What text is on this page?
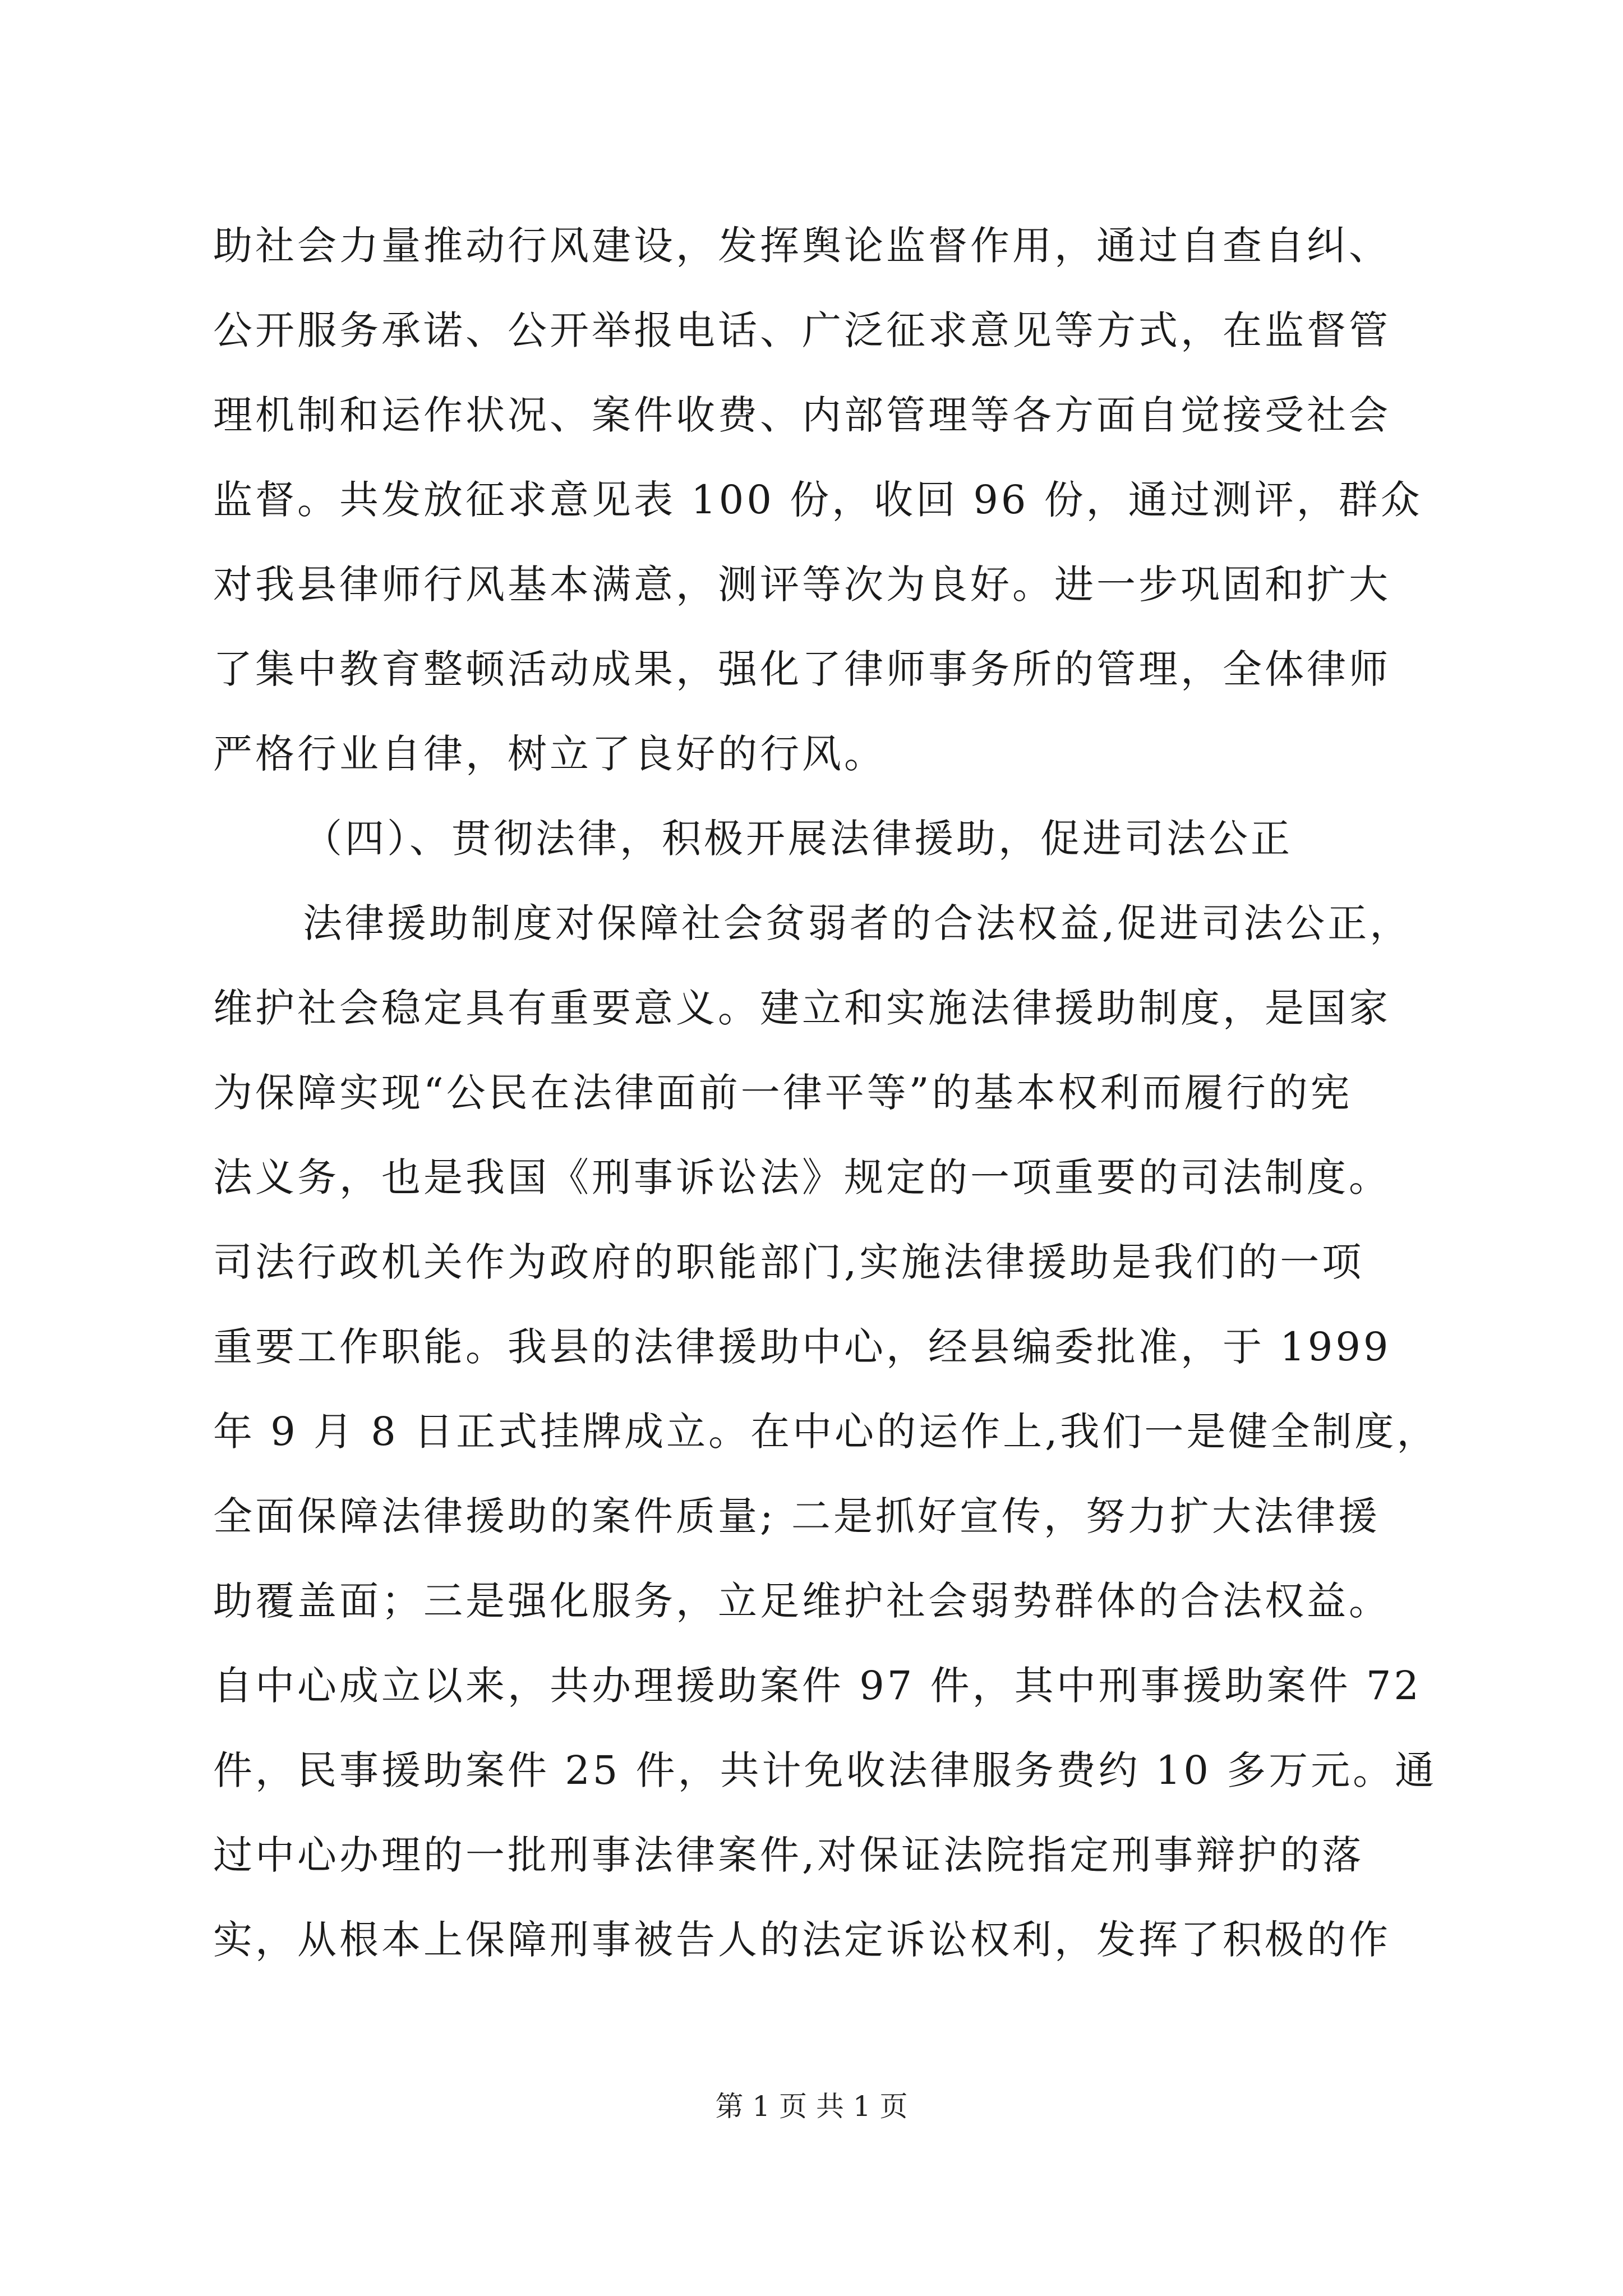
助社会力量推动行风建设，发挥舆论监督作用，通过自查自纠、
公开服务承诺、公开举报电话、广泛征求意见等方式，在监督管
理机制和运作状况、案件收费、内部管理等各方面自觉接受社会
监督。共发放征求意见表 100 份，收回 96 份，通过测评，群众
对我县律师行风基本满意，测评等次为良好。进一步巩固和扩大
了集中教育整顿活动成果，强化了律师事务所的管理，全体律师
严格行业自律，树立了良好的行风。
（四）、贯彻法律，积极开展法律援助，促进司法公正
法律援助制度对保障社会贫弱者的合法权益,促进司法公正，
维护社会稳定具有重要意义。建立和实施法律援助制度，是国家
为保障实现“公民在法律面前一律平等”的基本权利而履行的宪
法义务，也是我国《刑事诉讼法》规定的一项重要的司法制度。
司法行政机关作为政府的职能部门,实施法律援助是我们的一项
重要工作职能。我县的法律援助中心，经县编委批准，于 1999
年 9 月 8 日正式挂牌成立。在中心的运作上,我们一是健全制度，
全面保障法律援助的案件质量; 二是抓好宣传，努力扩大法律援
助覆盖面；三是强化服务，立足维护社会弱势群体的合法权益。
自中心成立以来，共办理援助案件 97 件，其中刑事援助案件 72
件，民事援助案件 25 件，共计免收法律服务费约 10 多万元。通
过中心办理的一批刑事法律案件,对保证法院指定刑事辩护的落
实，从根本上保障刑事被告人的法定诉讼权利，发挥了积极的作
第 1 页 共 1 页
